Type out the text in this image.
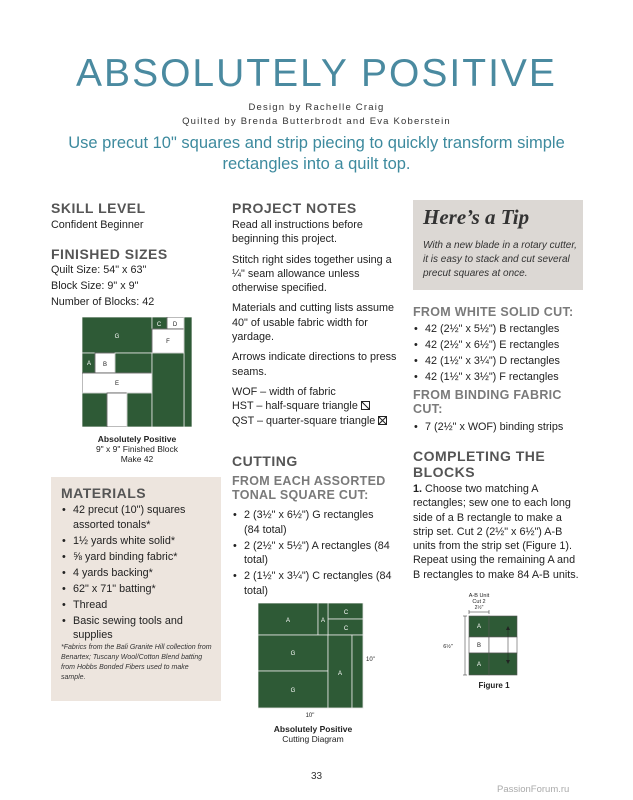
ABSOLUTELY POSITIVE
Design by Rachelle Craig
Quilted by Brenda Butterbrodt and Eva Koberstein
Use precut 10" squares and strip piecing to quickly transform simple rectangles into a quilt top.
SKILL LEVEL
Confident Beginner
FINISHED SIZES
Quilt Size: 54" x 63"
Block Size: 9" x 9"
Number of Blocks: 42
G
C D
F
A B
E
Absolutely Positive
9" x 9" Finished Block
Make 42
MATERIALS
• 42 precut (10") squares assorted tonals*
• 1½ yards white solid*
• ⅝ yard binding fabric*
• 4 yards backing*
• 62" x 71" batting*
• Thread
• Basic sewing tools and supplies
*Fabrics from the Bali Granite Hill collection from Benartex; Tuscany Wool/Cotton Blend batting from Hobbs Bonded Fibers used to make sample.
PROJECT NOTES

Read all instructions before beginning this project.

Stitch right sides together using a ¼" seam allowance unless otherwise specified.

Materials and cutting lists assume 40" of usable fabric width for yardage.

Arrows indicate directions to press seams.

WOF – width of fabric
HST – half-square triangle
QST – quarter-square triangle
CUTTING
FROM EACH ASSORTED TONAL SQUARE CUT:
• 2 (3½" x 6½") G rectangles (84 total)
• 2 (2½" x 5½") A rectangles (84 total)
• 2 (1½" x 3¼") C rectangles (84 total)
C
C
A	A
G
G
A
10"
10"
Absolutely Positive
Cutting Diagram
Here’s a Tip
With a new blade in a rotary cutter, it is easy to stack and cut several precut squares at once.
FROM WHITE SOLID CUT:
• 42 (2½" x 5½") B rectangles
• 42 (2½" x 6½") E rectangles
• 42 (1½" x 3¼") D rectangles
• 42 (1½" x 3½") F rectangles
FROM BINDING FABRIC CUT:
• 7 (2½" x WOF) binding strips
COMPLETING THE BLOCKS
1. Choose two matching A rectangles; sew one to each long side of a B rectangle to make a strip set. Cut 2 (2½" x 6½") A-B units from the strip set (Figure 1). Repeat using the remaining A and B rectangles to make 84 A-B units.
A-B Unit
Cut 2
2½"
A
B
A
6½"
Figure 1
33
PassionForum.ru
